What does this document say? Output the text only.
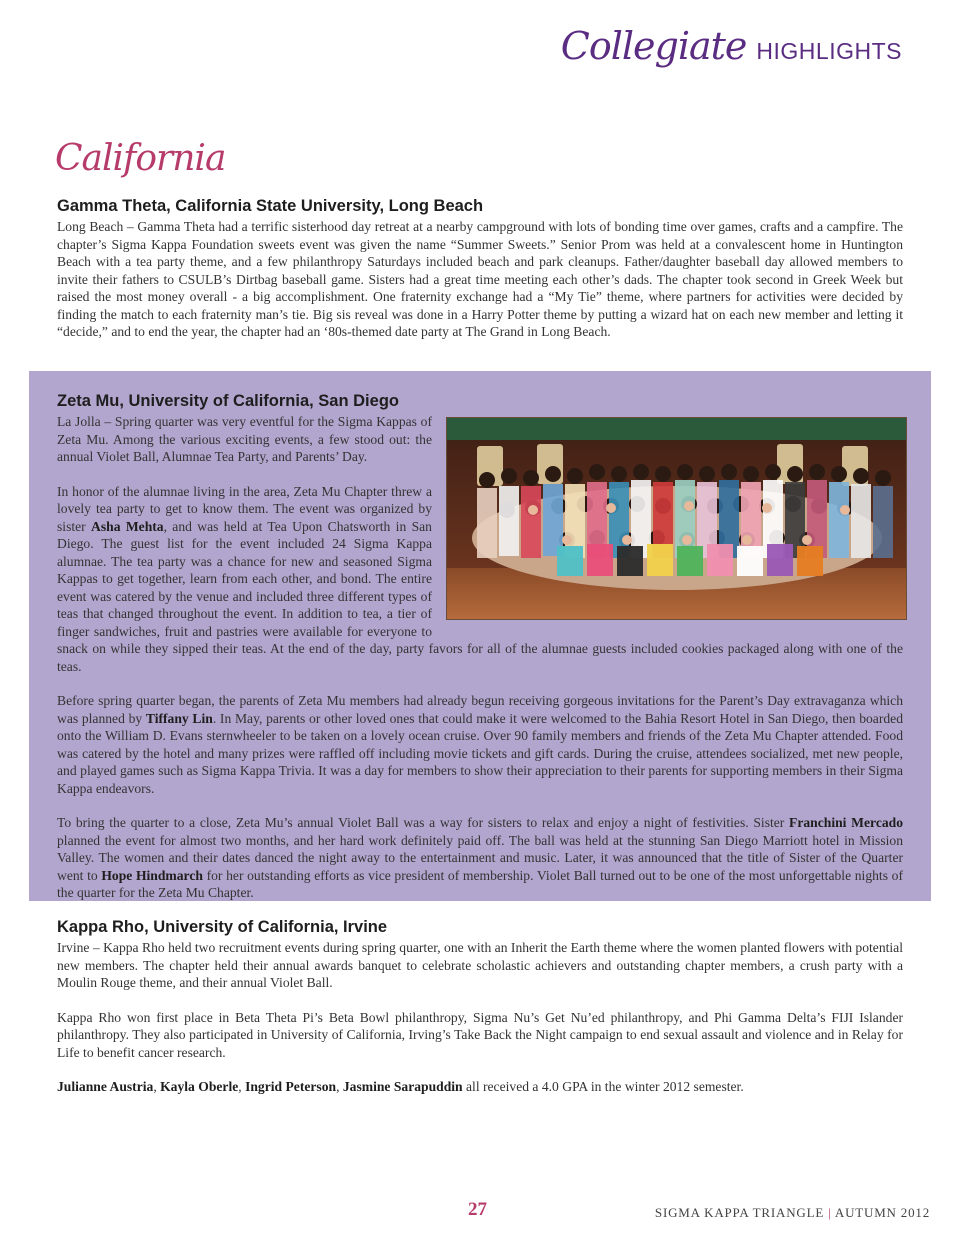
Collegiate HIGHLIGHTS
California
Gamma Theta, California State University, Long Beach

Long Beach – Gamma Theta had a terrific sisterhood day retreat at a nearby campground with lots of bonding time over games, crafts and a campfire. The chapter’s Sigma Kappa Foundation sweets event was given the name “Summer Sweets.” Senior Prom was held at a convalescent home in Huntington Beach with a tea party theme, and a few philanthropy Saturdays included beach and park cleanups. Father/daughter baseball day allowed members to invite their fathers to CSULB’s Dirtbag baseball game. Sisters had a great time meeting each other’s dads. The chapter took second in Greek Week but raised the most money overall - a big accomplishment. One fraternity exchange had a “My Tie” theme, where partners for activities were decided by finding the match to each fraternity man’s tie. Big sis reveal was done in a Harry Potter theme by putting a wizard hat on each new member and letting it “decide,” and to end the year, the chapter had an ‘80s-themed date party at The Grand in Long Beach.

Zeta Mu, University of California, San Diego

La Jolla – Spring quarter was very eventful for the Sigma Kappas of Zeta Mu. Among the various exciting events, a few stood out: the annual Violet Ball, Alumnae Tea Party, and Parents’ Day.

In honor of the alumnae living in the area, Zeta Mu Chapter threw a lovely tea party to get to know them. The event was organized by sister Asha Mehta, and was held at Tea Upon Chatsworth in San Diego. The guest list for the event included 24 Sigma Kappa alumnae. The tea party was a chance for new and seasoned Sigma Kappas to get together, learn from each other, and bond. The entire event was catered by the venue and included three different types of teas that changed throughout the event. In addition to tea, a tier of finger sandwiches, fruit and pastries were available for everyone to snack on while they sipped their teas. At the end of the day, party favors for all of the alumnae guests included cookies packaged along with one of the teas.

Before spring quarter began, the parents of Zeta Mu members had already begun receiving gorgeous invitations for the Parent’s Day extravaganza which was planned by Tiffany Lin. In May, parents or other loved ones that could make it were welcomed to the Bahia Resort Hotel in San Diego, then boarded onto the William D. Evans sternwheeler to be taken on a lovely ocean cruise. Over 90 family members and friends of the Zeta Mu Chapter attended. Food was catered by the hotel and many prizes were raffled off including movie tickets and gift cards. During the cruise, attendees socialized, met new people, and played games such as Sigma Kappa Trivia. It was a day for members to show their appreciation to their parents for supporting members in their Sigma Kappa endeavors.

To bring the quarter to a close, Zeta Mu’s annual Violet Ball was a way for sisters to relax and enjoy a night of festivities. Sister Franchini Mercado planned the event for almost two months, and her hard work definitely paid off. The ball was held at the stunning San Diego Marriott hotel in Mission Valley. The women and their dates danced the night away to the entertainment and music. Later, it was announced that the title of Sister of the Quarter went to Hope Hindmarch for her outstanding efforts as vice president of membership. Violet Ball turned out to be one of the most unforgettable nights of the quarter for the Zeta Mu Chapter.

Kappa Rho, University of California, Irvine

Irvine – Kappa Rho held two recruitment events during spring quarter, one with an Inherit the Earth theme where the women planted flowers with potential new members. The chapter held their annual awards banquet to celebrate scholastic achievers and outstanding chapter members, a crush party with a Moulin Rouge theme, and their annual Violet Ball.

Kappa Rho won first place in Beta Theta Pi’s Beta Bowl philanthropy, Sigma Nu’s Get Nu’ed philanthropy, and Phi Gamma Delta’s FIJI Islander philanthropy. They also participated in University of California, Irving’s Take Back the Night campaign to end sexual assault and violence and in Relay for Life to benefit cancer research.

Julianne Austria, Kayla Oberle, Ingrid Peterson, Jasmine Sarapuddin all received a 4.0 GPA in the winter 2012 semester.

27	SIGMA KAPPA TRIANGLE | AUTUMN 2012
